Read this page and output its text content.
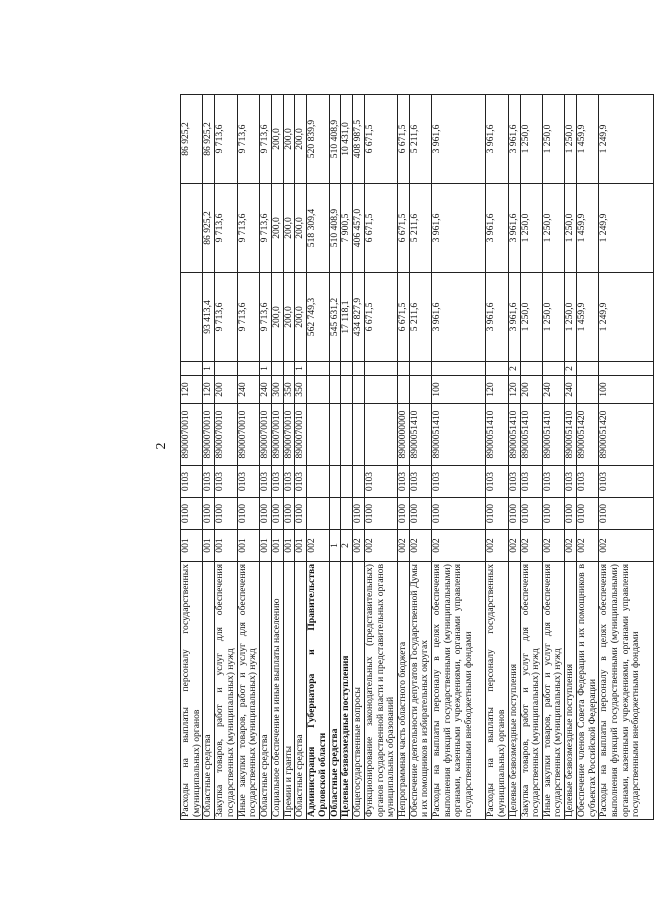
2
Расходы на выплаты персоналу государственных (муниципальных) органов	001	0100	0103	8900070010	120				86 925,2
Областные средства	001	0100	0103	8900070010	120	1	93 413,4	86 925,2	86 925,2
Закупка товаров, работ и услуг для обеспечения государственных (муниципальных) нужд	001	0100	0103	8900070010	200		9 713,6	9 713,6	9 713,6
Иные закупки товаров, работ и услуг для обеспечения государственных (муниципальных) нужд	001	0100	0103	8900070010	240		9 713,6	9 713,6	9 713,6
Областные средства	001	0100	0103	8900070010	240	1	9 713,6	9 713,6	9 713,6
Социальное обеспечение и иные выплаты населению	001	0100	0103	8900070010	300		200,0	200,0	200,0
Премии и гранты	001	0100	0103	8900070010	350		200,0	200,0	200,0
Областные средства	001	0100	0103	8900070010	350	1	200,0	200,0	200,0
Администрация Губернатора и Правительства Орловской области	002						562 749,3	518 309,4	520 839,9
Областные средства	1						545 631,2	510 408,9	510 408,9
Целевые безвозмездные поступления	2						17 118,1	7 900,5	10 431,0
Общегосударственные вопросы	002	0100					434 827,9	406 457,0	408 987,5
Функционирование законодательных (представительных) органов государственной власти и представительных органов муниципальных образований	002	0100	0103				6 671,5	6 671,5	6 671,5
Непрограммная часть областного бюджета	002	0100	0103	8900000000			6 671,5	6 671,5	6 671,5
Обеспечение деятельности депутатов Государственной Думы и их помощников в избирательных округах	002	0100	0103	8900051410			5 211,6	5 211,6	5 211,6
Расходы на выплаты персоналу в целях обеспечения выполнения функций государственными (муниципальными) органами, казенными учреждениями, органами управления государственными внебюджетными фондами	002	0100	0103	8900051410	100		3 961,6	3 961,6	3 961,6
Расходы на выплаты персоналу государственных (муниципальных) органов	002	0100	0103	8900051410	120		3 961,6	3 961,6	3 961,6
Целевые безвозмездные поступления	002	0100	0103	8900051410	120	2	3 961,6	3 961,6	3 961,6
Закупка товаров, работ и услуг для обеспечения государственных (муниципальных) нужд	002	0100	0103	8900051410	200		1 250,0	1 250,0	1 250,0
Иные закупки товаров, работ и услуг для обеспечения государственных (муниципальных) нужд	002	0100	0103	8900051410	240		1 250,0	1 250,0	1 250,0
Целевые безвозмездные поступления	002	0100	0103	8900051410	240	2	1 250,0	1 250,0	1 250,0
Обеспечение членов Совета Федерации и их помощников в субъектах Российской Федерации	002	0100	0103	8900051420			1 459,9	1 459,9	1 459,9
Расходы на выплаты персоналу в целях обеспечения выполнения функций государственными (муниципальными) органами, казенными учреждениями, органами управления государственными внебюджетными фондами	002	0100	0103	8900051420	100		1 249,9	1 249,9	1 249,9
